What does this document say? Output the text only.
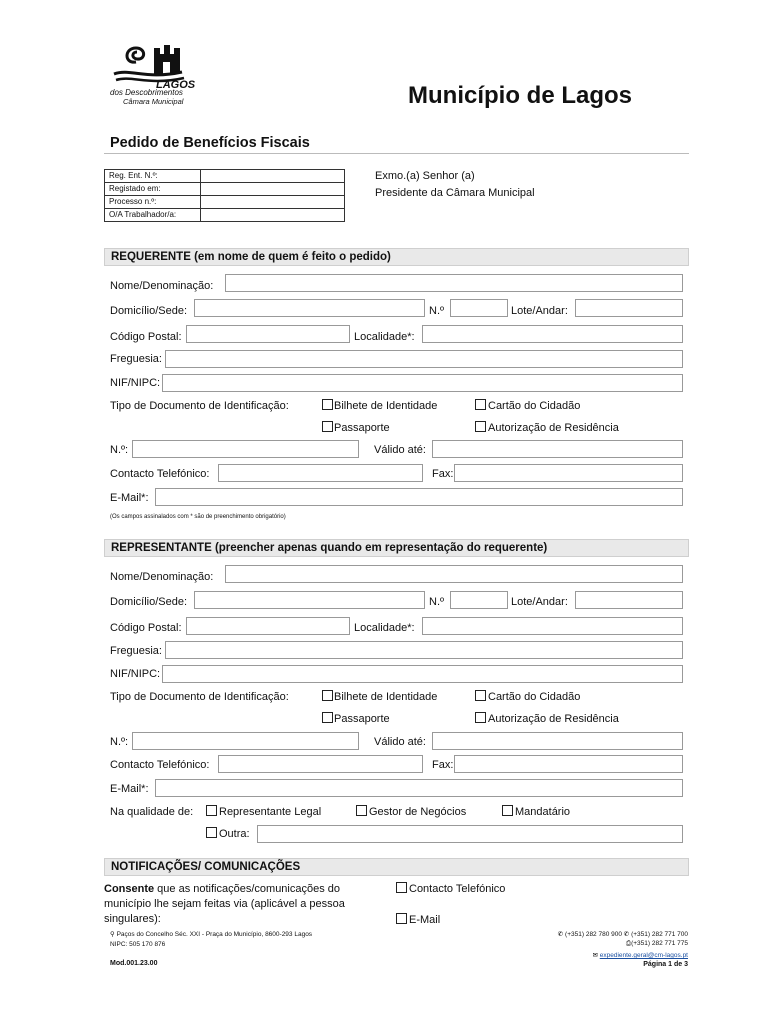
LAGOS
dos Descobrimentos
Câmara Municipal	Município de Lagos
Pedido de Benefícios Fiscais
Reg. Ent. N.º:	
Registado em:	
Processo n.º:	
O/A Trabalhador/a:	
Exmo.(a) Senhor (a)
Presidente da Câmara Municipal
REQUERENTE (em nome de quem é feito o pedido)
Nome/Denominação:
Domicílio/Sede:	N.º	Lote/Andar:
Código Postal:	Localidade*:
Freguesia:
NIF/NIPC:
Tipo de Documento de Identificação:	Bilhete de Identidade	Cartão do Cidadão
Passaporte	Autorização de Residência
N.º:	Válido até:
Contacto Telefónico:	Fax:
E-Mail*:
(Os campos assinalados com * são de preenchimento obrigatório)
REPRESENTANTE (preencher apenas quando em representação do requerente)
Nome/Denominação:
Domicílio/Sede:	N.º	Lote/Andar:
Código Postal:	Localidade*:
Freguesia:
NIF/NIPC:
Tipo de Documento de Identificação:	Bilhete de Identidade	Cartão do Cidadão
Passaporte	Autorização de Residência
N.º:	Válido até:
Contacto Telefónico:	Fax:
E-Mail*:
Na qualidade de: Representante Legal	Gestor de Negócios	Mandatário
Outra:
NOTIFICAÇÕES/ COMUNICAÇÕES
Consente que as notificações/comunicações do
município lhe sejam feitas via (aplicável a pessoa
singulares):
Contacto Telefónico
E-Mail
⚲ Paços do Concelho Séc. XXI - Praça do Município, 8600-293 Lagos
NIPC: 505 170 876
✆ (+351) 282 780 900 ✆ (+351) 282 771 700
⎙(+351) 282 771 775
✉ expediente.geral@cm-lagos.pt
Mod.001.23.00	Página 1 de 3
